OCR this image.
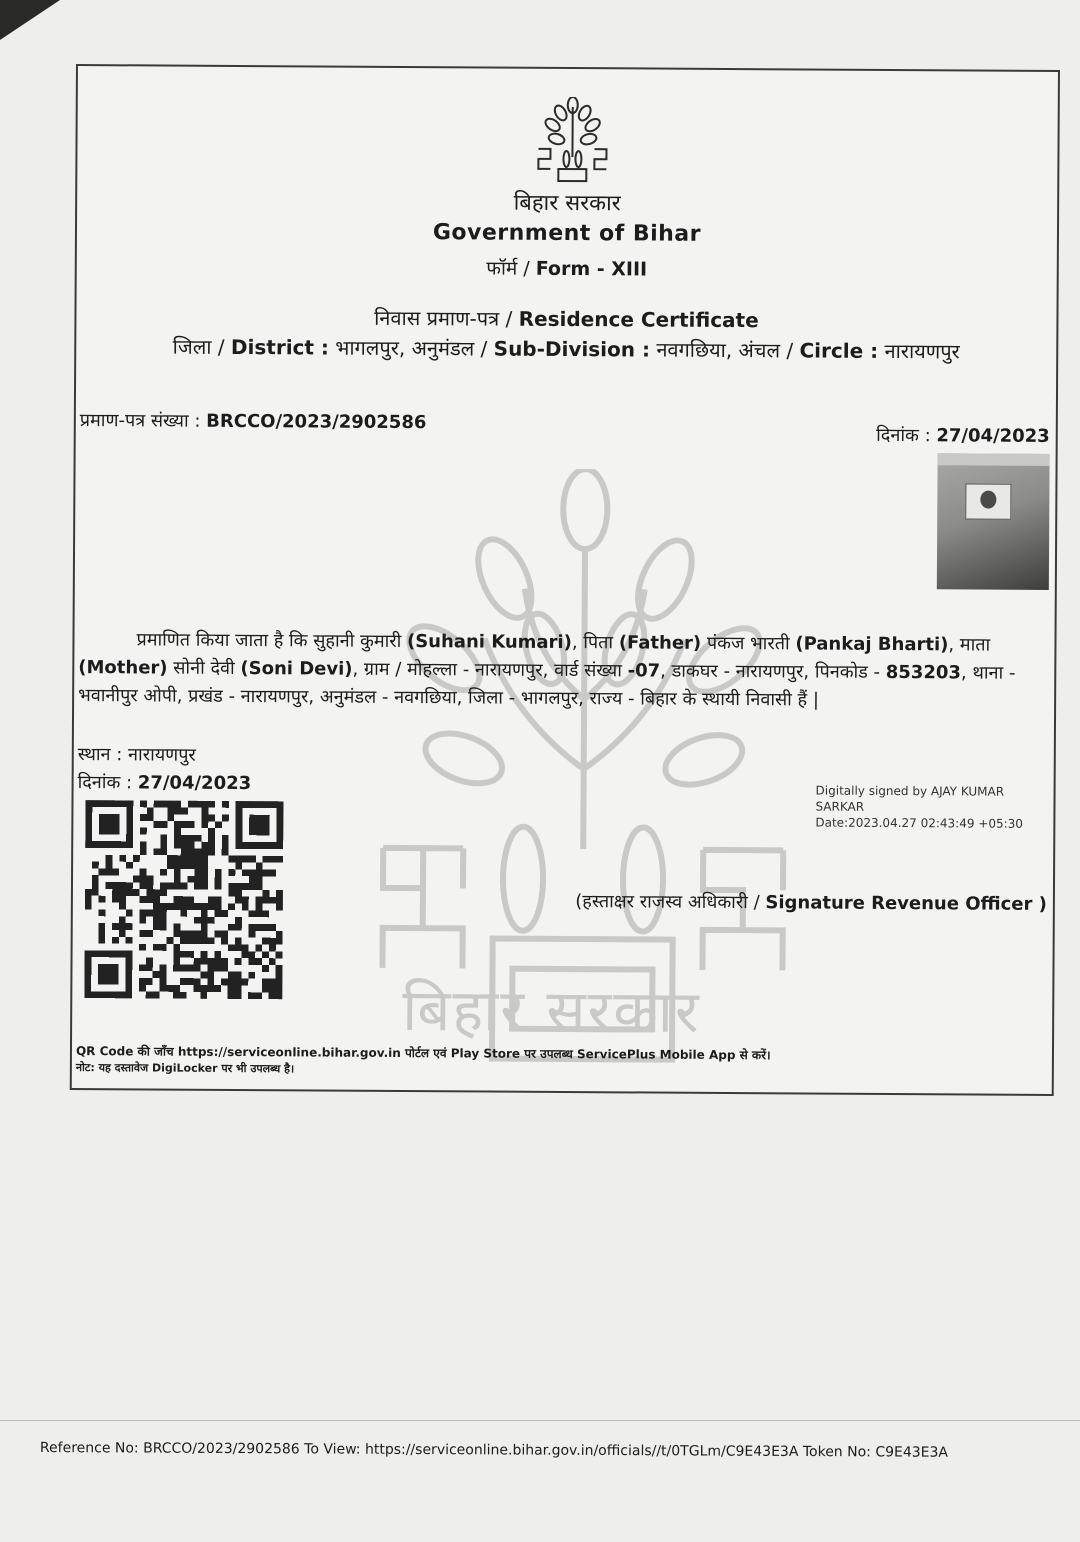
बिहार सरकार
बिहार सरकार
Government of Bihar
फॉर्म / Form - XIII
निवास प्रमाण-पत्र / Residence Certificate
जिला / District : भागलपुर, अनुमंडल / Sub-Division : नवगछिया, अंचल / Circle : नारायणपुर
प्रमाण-पत्र संख्या : BRCCO/2023/2902586
दिनांक : 27/04/2023
प्रमाणित किया जाता है कि सुहानी कुमारी (Suhani Kumari), पिता (Father) पंकज भारती (Pankaj Bharti), माता (Mother) सोनी देवी (Soni Devi), ग्राम / मोहल्ला - नारायणपुर, वार्ड संख्या -07, डाकघर - नारायणपुर, पिनकोड - 853203, थाना - भवानीपुर ओपी, प्रखंड - नारायणपुर, अनुमंडल - नवगछिया, जिला - भागलपुर, राज्य - बिहार के स्थायी निवासी हैं |
स्थान : नारायणपुर
दिनांक : 27/04/2023	Digitally signed by AJAY KUMAR SARKAR
Date:2023.04.27 02:43:49 +05:30
(हस्ताक्षर राजस्व अधिकारी / Signature Revenue Officer )
QR Code की जाँच https://serviceonline.bihar.gov.in पोर्टल एवं Play Store पर उपलब्ध ServicePlus Mobile App से करें।
नोट: यह दस्तावेज DigiLocker पर भी उपलब्ध है।
Reference No: BRCCO/2023/2902586 To View: https://serviceonline.bihar.gov.in/officials//t/0TGLm/C9E43E3A Token No: C9E43E3A
